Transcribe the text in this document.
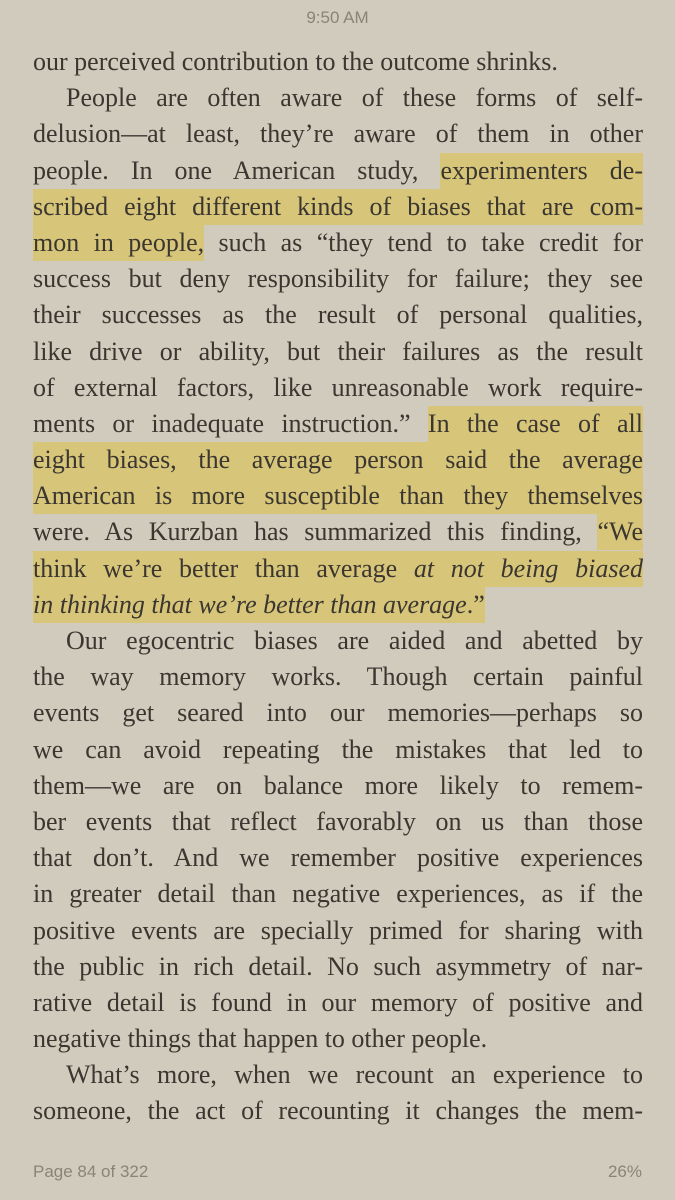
9:50 AM
our perceived contribution to the outcome shrinks.
People are often aware of these forms of self-
delusion—at least, they’re aware of them in other
people. In one American study, experimenters de-
scribed eight different kinds of biases that are com-
mon in people, such as “they tend to take credit for
success but deny responsibility for failure; they see
their successes as the result of personal qualities,
like drive or ability, but their failures as the result
of external factors, like unreasonable work require-
ments or inadequate instruction.” In the case of all
eight biases, the average person said the average
American is more susceptible than they themselves
were. As Kurzban has summarized this finding, “We
think we’re better than average at not being biased
in thinking that we’re better than average.”
Our egocentric biases are aided and abetted by
the way memory works. Though certain painful
events get seared into our memories—perhaps so
we can avoid repeating the mistakes that led to
them—we are on balance more likely to remem-
ber events that reflect favorably on us than those
that don’t. And we remember positive experiences
in greater detail than negative experiences, as if the
positive events are specially primed for sharing with
the public in rich detail. No such asymmetry of nar-
rative detail is found in our memory of positive and
negative things that happen to other people.
What’s more, when we recount an experience to
someone, the act of recounting it changes the mem-
Page 84 of 322	26%
